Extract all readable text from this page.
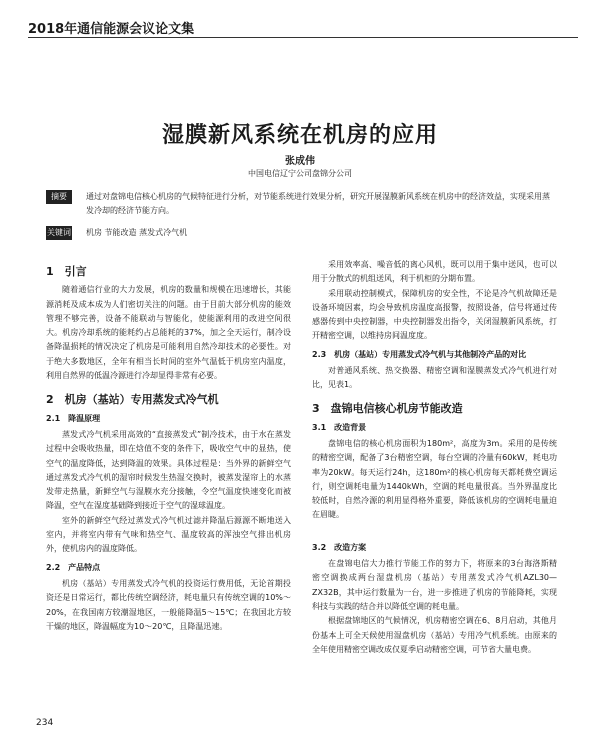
2018年通信能源会议论文集
湿膜新风系统在机房的应用
张成伟
中国电信辽宁公司盘锦分公司
摘要	通过对盘锦电信核心机房的气候特征进行分析，对节能系统进行效果分析，研究开展湿膜新风系统在机房中的经济效益，实现采用蒸发冷却的经济节能方向。
关键词 机房 节能改造 蒸发式冷气机
1　引言

随着通信行业的大力发展，机房的数量和规模在迅速增长，其能源消耗及成本成为人们密切关注的问题。由于目前大部分机房的能效管理不够完善，设备不能联动与智能化，使能源利用的改进空间很大。机房冷却系统的能耗约占总能耗的37%，加之全天运行，制冷设备降温损耗的情况决定了机房是可能利用自然冷却技术的必要性。对于绝大多数地区，全年有相当长时间的室外气温低于机房室内温度，利用自然界的低温冷源进行冷却显得非常有必要。

2　机房（基站）专用蒸发式冷气机
2.1　降温原理

蒸发式冷气机采用高效的“直接蒸发式”制冷技术，由于水在蒸发过程中会吸收热量，即在焓值不变的条件下，吸收空气中的显热，使空气的温度降低，达到降温的效果。具体过程是：当外界的新鲜空气通过蒸发式冷气机的湿帘时候发生热湿交换时，被蒸发湿帘上的水蒸发带走热量，新鲜空气与湿膜水充分接触，令空气温度快速变化而被降温，空气在湿度基础降到接近于空气的湿球温度。

室外的新鲜空气经过蒸发式冷气机过滤并降温后源源不断地送入室内，并将室内带有气味和热空气、温度较高的浑浊空气排出机房外，使机房内的温度降低。

2.2　产品特点

机房（基站）专用蒸发式冷气机的投资运行费用低，无论首期投资还是日常运行，都比传统空调经济，耗电量只有传统空调的10%～20%，在我国南方较潮湿地区，一般能降温5～15℃；在我国北方较干燥的地区，降温幅度为10～20℃，且降温迅速。

采用效率高、噪音低的离心风机，既可以用于集中送风，也可以用于分散式的机组送风，利于机柜的分期布置。

采用联动控制模式，保障机房的安全性，不论是冷气机故障还是设备环境因素，均会导致机房温度高报警，按照设备，信号将通过传感器传到中央控制器，中央控制器发出指令，关闭湿膜新风系统，打开精密空调，以维持房间温度度。

2.3　机房（基站）专用蒸发式冷气机与其他制冷产品的对比

对普通风系统、热交换器、精密空调和湿膜蒸发式冷气机进行对比，见表1。

3　盘锦电信核心机房节能改造
3.1　改造背景

盘锦电信的核心机房面积为180m²，高度为3m。采用的是传统的精密空调，配备了3台精密空调，每台空调的冷量有60kW，耗电功率为20kW。每天运行24h，这180m²的核心机房每天都耗费空调运行，则空调耗电量为1440kWh，空调的耗电量很高。当外界温度比较低时，自然冷源的利用显得格外重要，降低该机房的空调耗电量迫在眉睫。

3.2　改造方案

在盘锦电信大力推行节能工作的努力下，将原来的3台海洛斯精密空调换成两台湿盘机房（基站）专用蒸发式冷气机AZL30—ZX32B，其中运行数量为一台，进一步推进了机房的节能降耗，实现科技与实践的结合并以降低空调的耗电量。

根据盘锦地区的气候情况，机房精密空调在6、8月启动，其他月份基本上可全天候使用湿盘机房（基站）专用冷气机系统。由原来的全年使用精密空调改成仅夏季启动精密空调，可节省大量电费。

234
